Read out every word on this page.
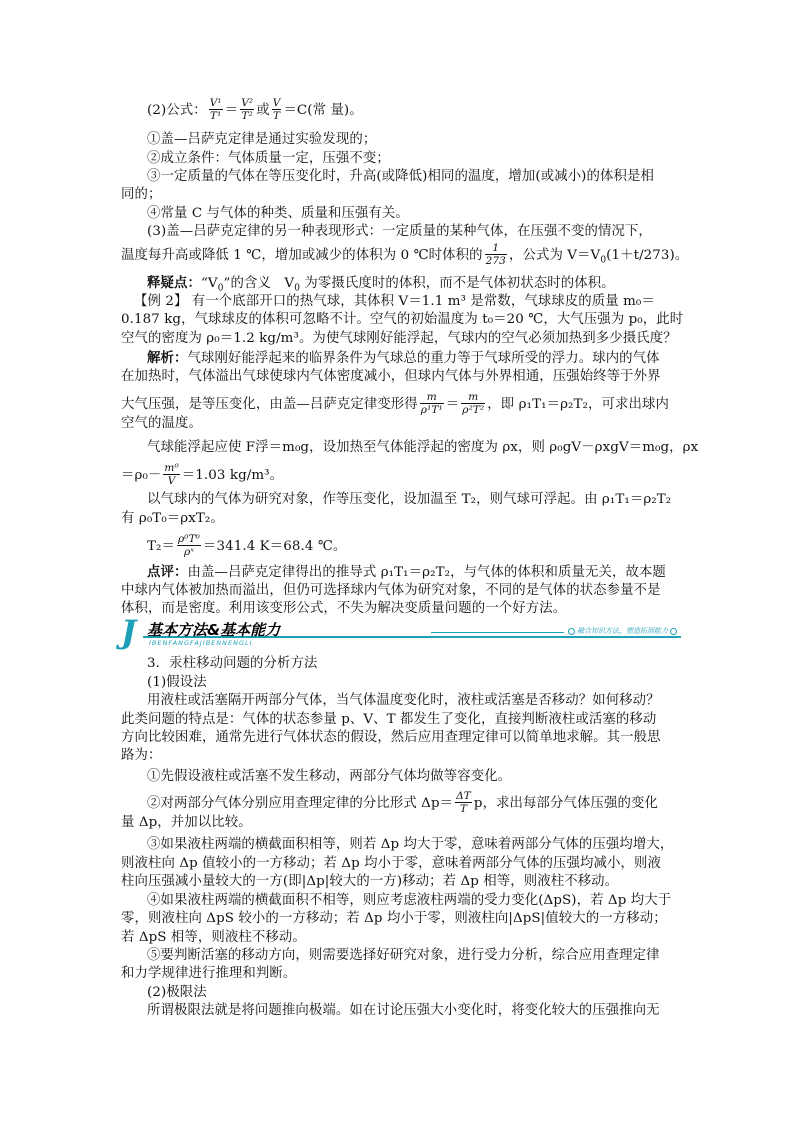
(2)公式： $\frac{\text{V¹}}{\text{T¹}} = \frac{\text{V²}}{\text{T²}}$ 或 $\frac{V}{T} =C$(常 量)。
①盖—吕萨克定律是通过实验发现的；
②成立条件：气体质量一定，压强不变；
③一定质量的气体在等压变化时，升高(或降低)相同的温度，增加(或减小)的体积是相
同的；
④常量 C 与气体的种类、质量和压强有关。
(3)盖—吕萨克定律的另一种表现形式：一定质量的某种气体，在压强不变的情况下，
温度每升高或降低 1 ℃，增加或减少的体积为 0 ℃时体积的 $\frac{1}{273}$ ，公式为 $V=V_0(1+t/273)$。
释疑点：“$V_0$”的含义　$V_0$ 为零摄氏度时的体积，而不是气体初状态时的体积。
【例 2】 有一个底部开口的热气球，其体积 V＝1.1 m³ 是常数，气球球皮的质量 m₀＝
0.187 kg，气球球皮的体积可忽略不计。空气的初始温度为 t₀＝20 ℃，大气压强为 p₀，此时
空气的密度为 ρ₀＝1.2 kg/m³。为使气球刚好能浮起，气球内的空气必须加热到多少摄氏度？
解析：气球刚好能浮起来的临界条件为气球总的重力等于气球所受的浮力。球内的气体
在加热时，气体溢出气球使球内气体密度减小，但球内气体与外界相通，压强始终等于外界
大气压强，是等压变化，由盖—吕萨克定律变形得 $\frac{m}{\text{ρ¹T¹}} = \frac{m}{\text{ρ²T²}}$ ，即 ρ₁T₁＝ρ₂T₂，可求出球内
空气的温度。
气球能浮起应使 F浮＝m₀g，设加热至气体能浮起的密度为 ρx，则 ρ₀gV－ρxgV＝m₀g，ρx
$=\rho_0- \frac{\text{m⁰}}{V} =1.03$ kg/m³。
以气球内的气体为研究对象，作等压变化，设加温至 T₂，则气球可浮起。由 ρ₁T₁＝ρ₂T₂
有 ρ₀T₀＝ρxT₂。
$T_2= \frac{\text{ρ⁰T⁰}}{\text{ρˣ}} =341.4$ K＝68.4 ℃。
点评：由盖—吕萨克定律得出的推导式 ρ₁T₁＝ρ₂T₂，与气体的体积和质量无关，故本题
中球内气体被加热而溢出，但仍可选择球内气体为研究对象，不同的是气体的状态参量不是
体积，而是密度。利用该变形公式，不失为解决变质量问题的一个好方法。
J 基本方法&基本能力
IBENFANGFAJIBENNENGLI
融合知识方法，塑造拓展能力
3．汞柱移动问题的分析方法
(1)假设法
用液柱或活塞隔开两部分气体，当气体温度变化时，液柱或活塞是否移动？如何移动？
此类问题的特点是：气体的状态参量 p、V、T 都发生了变化，直接判断液柱或活塞的移动
方向比较困难，通常先进行气体状态的假设，然后应用查理定律可以简单地求解。其一般思
路为：
①先假设液柱或活塞不发生移动，两部分气体均做等容变化。
②对两部分气体分别应用查理定律的分比形式 $\Delta p= \frac{\Delta T}{T}$ p，求出每部分气体压强的变化
量 Δp，并加以比较。
③如果液柱两端的横截面积相等，则若 Δp 均大于零，意味着两部分气体的压强均增大，
则液柱向 Δp 值较小的一方移动；若 Δp 均小于零，意味着两部分气体的压强均减小，则液
柱向压强减小量较大的一方(即|Δp|较大的一方)移动；若 Δp 相等，则液柱不移动。
④如果液柱两端的横截面积不相等，则应考虑液柱两端的受力变化(ΔpS)，若 Δp 均大于
零，则液柱向 ΔpS 较小的一方移动；若 Δp 均小于零，则液柱向|ΔpS|值较大的一方移动；
若 ΔpS 相等，则液柱不移动。
⑤要判断活塞的移动方向，则需要选择好研究对象，进行受力分析，综合应用查理定律
和力学规律进行推理和判断。
(2)极限法
所谓极限法就是将问题推向极端。如在讨论压强大小变化时，将变化较大的压强推向无
